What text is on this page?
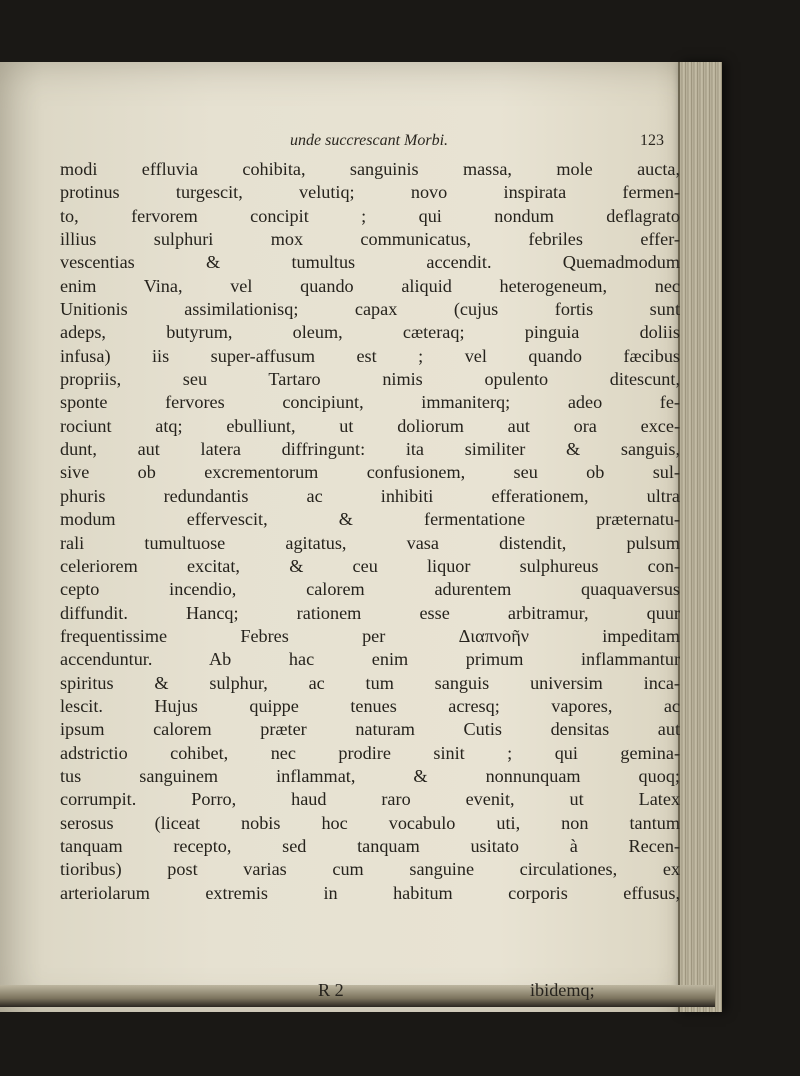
unde succrescant Morbi.	123
modi effluvia cohibita, sanguinis massa, mole aucta,
protinus turgescit, velutiq; novo inspirata fermen-
to, fervorem concipit ; qui nondum deflagrato
illius sulphuri mox communicatus, febriles effer-
vescentias & tumultus accendit. Quemadmodum
enim Vina, vel quando aliquid heterogeneum, nec
Unitionis assimilationisq; capax (cujus fortis sunt
adeps, butyrum, oleum, cæteraq; pinguia doliis
infusa) iis super-affusum est ; vel quando fæcibus
propriis, seu Tartaro nimis opulento ditescunt,
sponte fervores concipiunt, immaniterq; adeo fe-
rociunt atq; ebulliunt, ut doliorum aut ora exce-
dunt, aut latera diffringunt: ita similiter & sanguis,
sive ob excrementorum confusionem, seu ob sul-
phuris redundantis ac inhibiti efferationem, ultra
modum effervescit, & fermentatione præternatu-
rali tumultuose agitatus, vasa distendit, pulsum
celeriorem excitat, & ceu liquor sulphureus con-
cepto incendio, calorem adurentem quaquaversus
diffundit. Hancq; rationem esse arbitramur, quur
frequentissime Febres per Διαπνοῆν impeditam
accenduntur. Ab hac enim primum inflammantur
spiritus & sulphur, ac tum sanguis universim inca-
lescit. Hujus quippe tenues acresq; vapores, ac
ipsum calorem præter naturam Cutis densitas aut
adstrictio cohibet, nec prodire sinit ; qui gemina-
tus sanguinem inflammat, & nonnunquam quoq;
corrumpit. Porro, haud raro evenit, ut Latex
serosus (liceat nobis hoc vocabulo uti, non tantum
tanquam recepto, sed tanquam usitato à Recen-
tioribus) post varias cum sanguine circulationes, ex
arteriolarum extremis in habitum corporis effusus,
R 2	ibidemq;
